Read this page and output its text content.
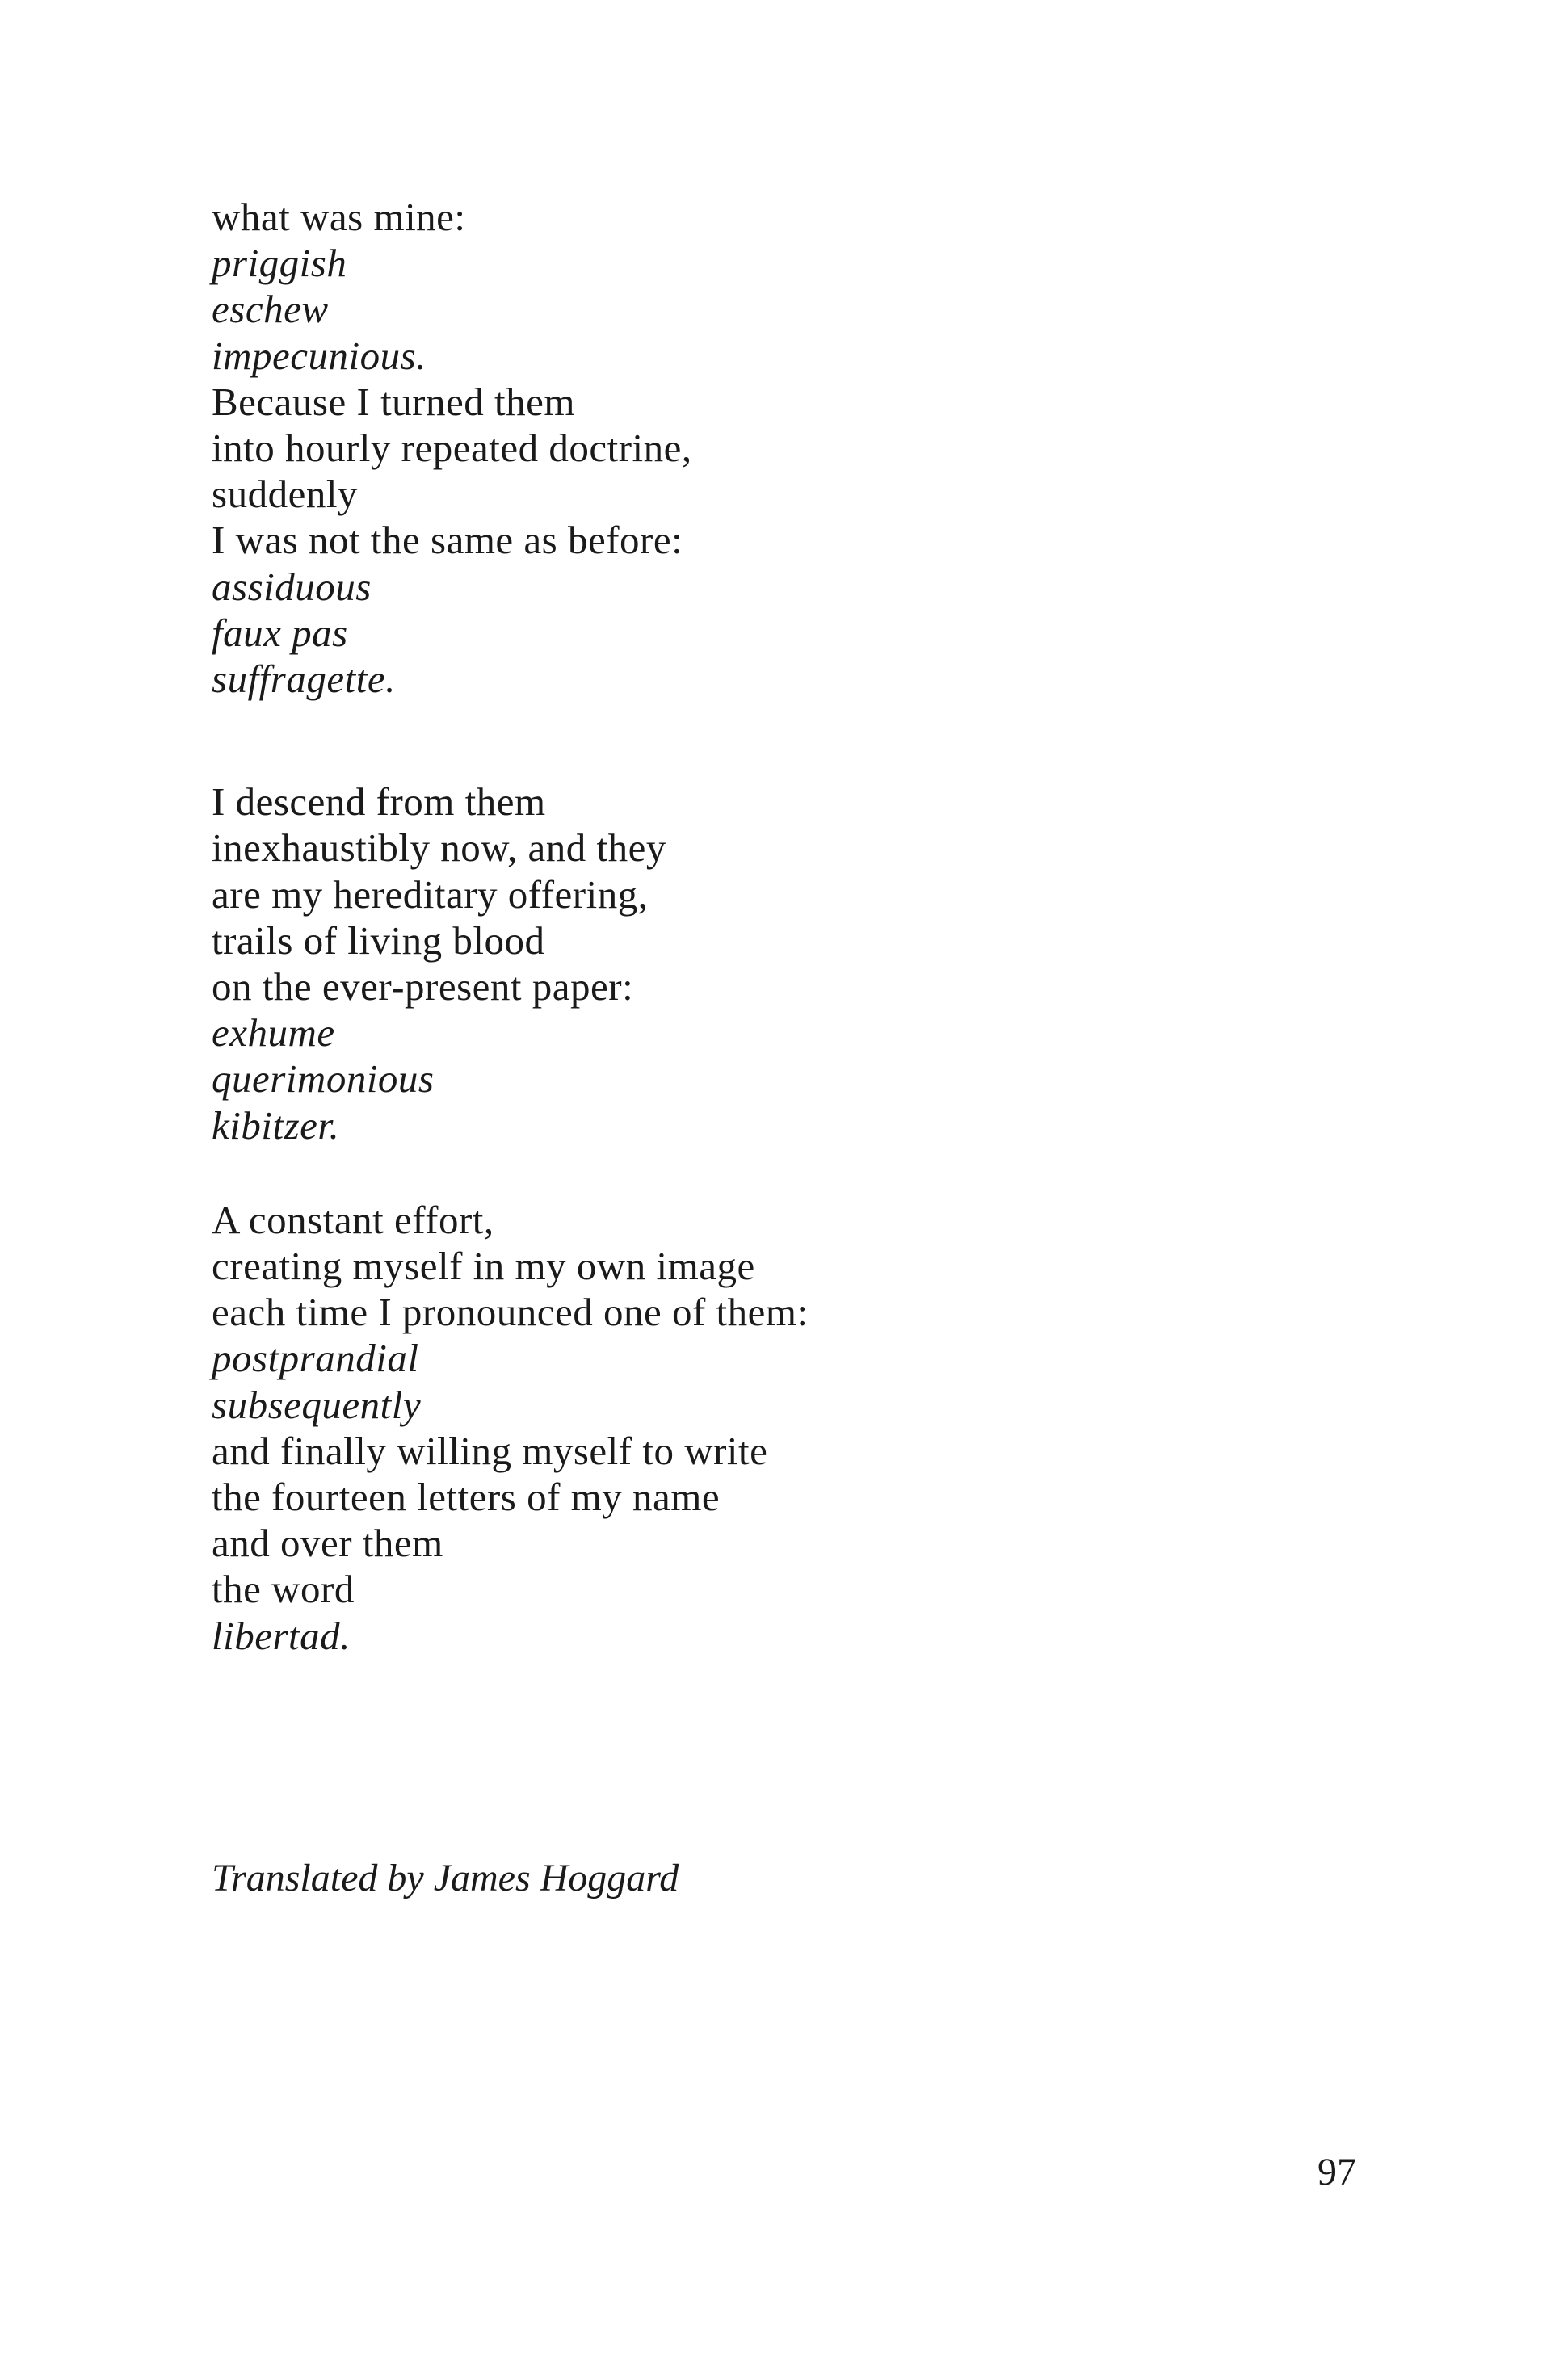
what was mine:
priggish
eschew
impecunious.
Because I turned them
into hourly repeated doctrine,
suddenly
I was not the same as before:
assiduous
faux pas
suffragette.
I descend from them
inexhaustibly now, and they
are my hereditary offering,
trails of living blood
on the ever-present paper:
exhume
querimonious
kibitzer.
A constant effort,
creating myself in my own image
each time I pronounced one of them:
postprandial
subsequently
and finally willing myself to write
the fourteen letters of my name
and over them
the word
libertad.
Translated by James Hoggard
97
